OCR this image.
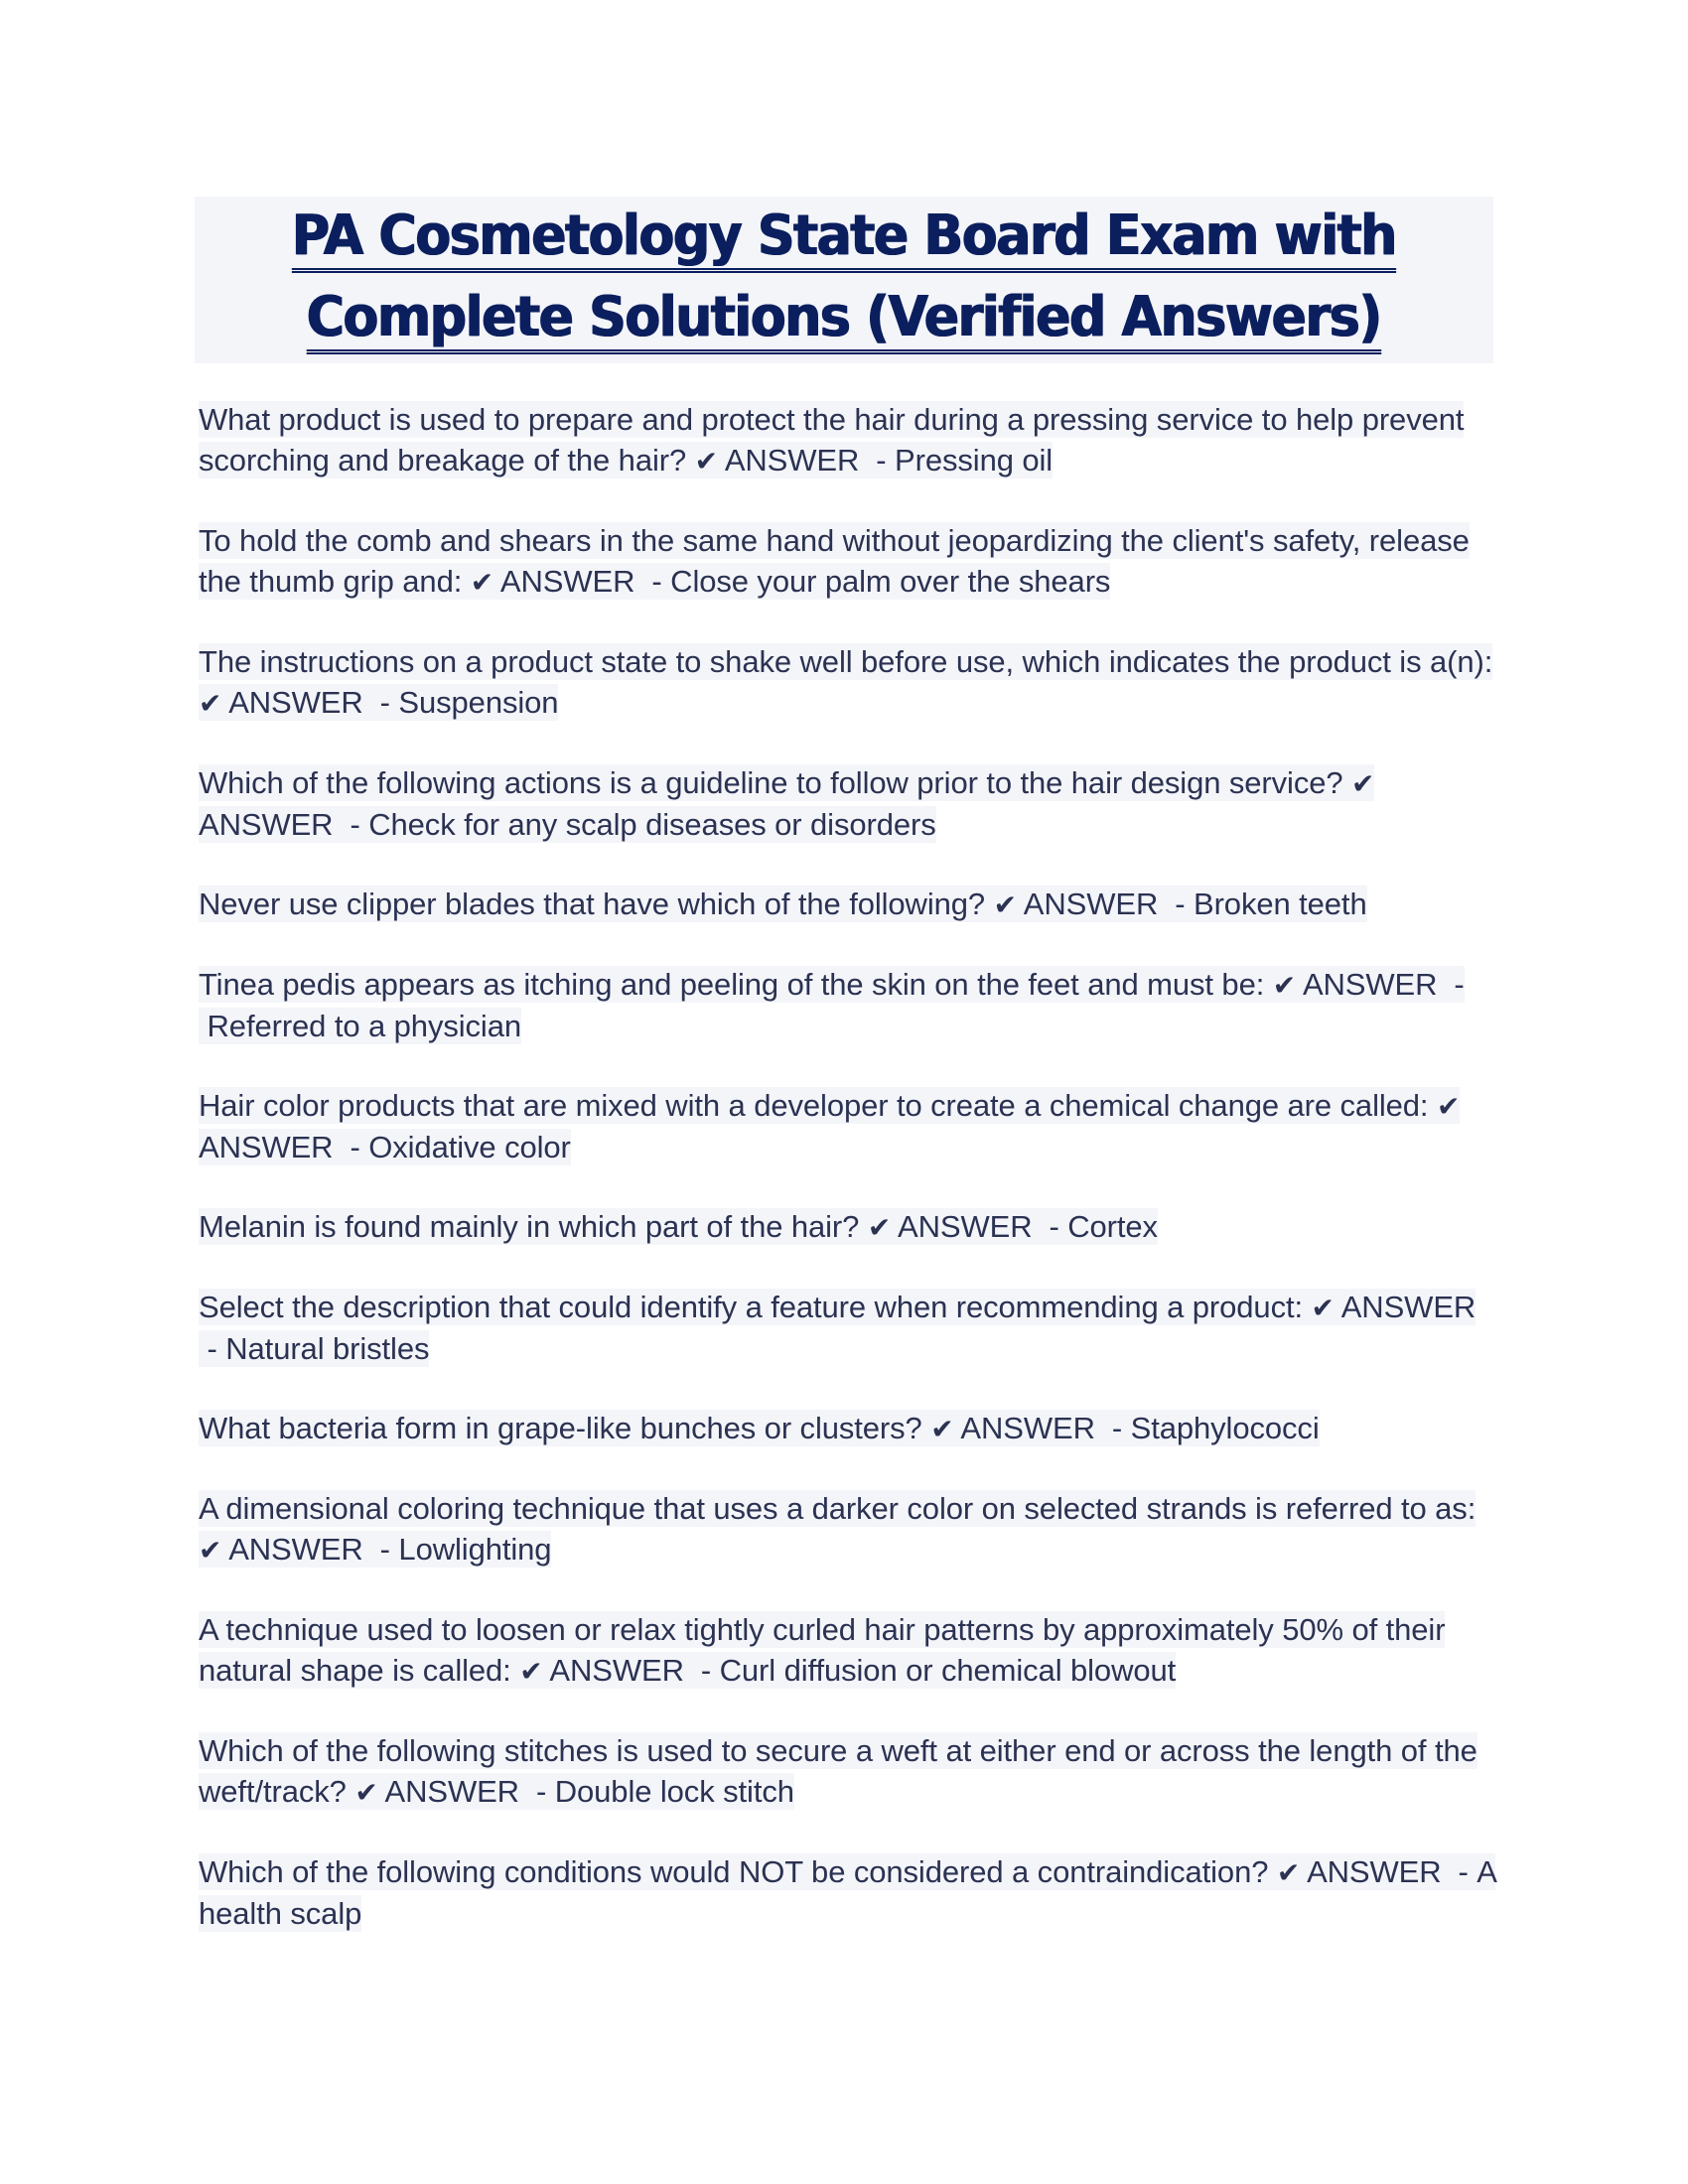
PA Cosmetology State Board Exam with
Complete Solutions (Verified Answers)

What product is used to prepare and protect the hair during a pressing service to help prevent scorching and breakage of the hair? ✔ ANSWER  - Pressing oil

To hold the comb and shears in the same hand without jeopardizing the client's safety, release the thumb grip and: ✔ ANSWER  - Close your palm over the shears

The instructions on a product state to shake well before use, which indicates the product is a(n): ✔ ANSWER  - Suspension

Which of the following actions is a guideline to follow prior to the hair design service? ✔ ANSWER  - Check for any scalp diseases or disorders

Never use clipper blades that have which of the following? ✔ ANSWER  - Broken teeth

Tinea pedis appears as itching and peeling of the skin on the feet and must be: ✔ ANSWER  - Referred to a physician

Hair color products that are mixed with a developer to create a chemical change are called: ✔ ANSWER  - Oxidative color

Melanin is found mainly in which part of the hair? ✔ ANSWER  - Cortex

Select the description that could identify a feature when recommending a product: ✔ ANSWER  - Natural bristles

What bacteria form in grape-like bunches or clusters? ✔ ANSWER  - Staphylococci

A dimensional coloring technique that uses a darker color on selected strands is referred to as: ✔ ANSWER  - Lowlighting

A technique used to loosen or relax tightly curled hair patterns by approximately 50% of their natural shape is called: ✔ ANSWER  - Curl diffusion or chemical blowout

Which of the following stitches is used to secure a weft at either end or across the length of the weft/track? ✔ ANSWER  - Double lock stitch

Which of the following conditions would NOT be considered a contraindication? ✔ ANSWER  - A health scalp
